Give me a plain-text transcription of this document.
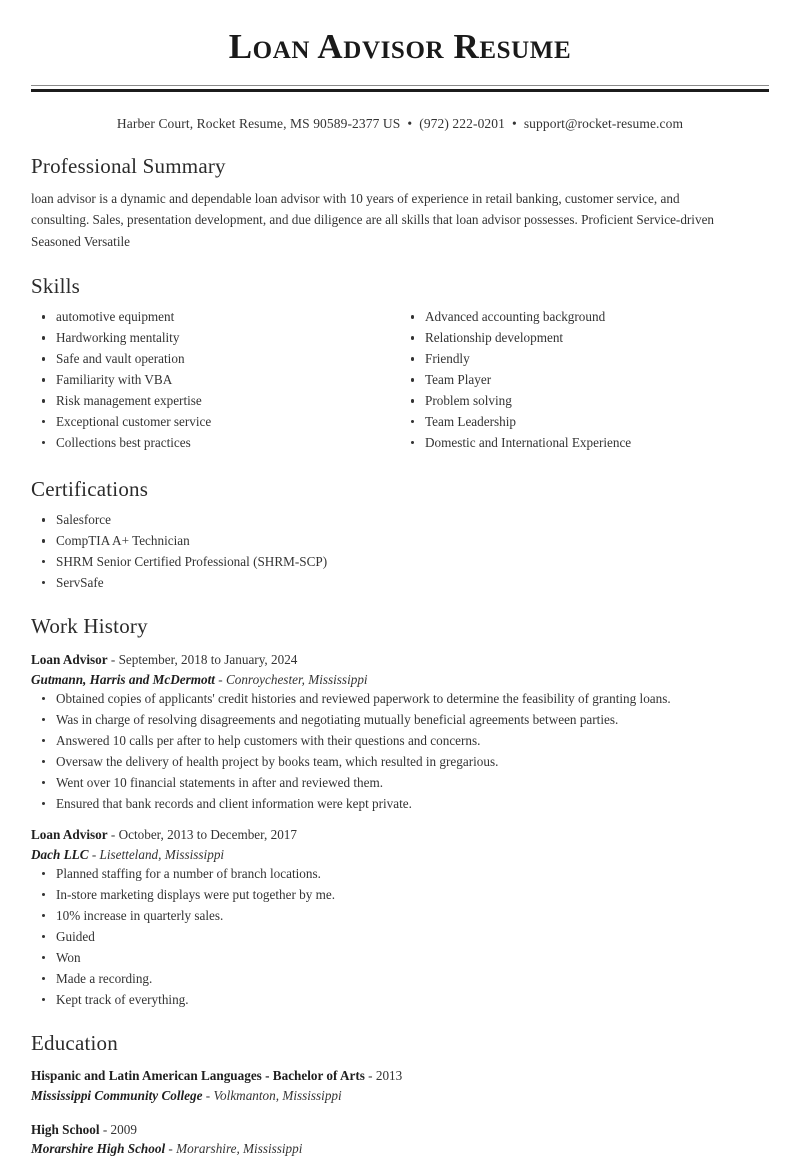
Loan Advisor Resume
Harber Court, Rocket Resume, MS 90589-2377 US • (972) 222-0201 • support@rocket-resume.com
Professional Summary

loan advisor is a dynamic and dependable loan advisor with 10 years of experience in retail banking, customer service, and consulting. Sales, presentation development, and due diligence are all skills that loan advisor possesses. Proficient Service-driven Seasoned Versatile

Skills
automotive equipment
Hardworking mentality
Safe and vault operation
Familiarity with VBA
Risk management expertise
Exceptional customer service
Collections best practices
Advanced accounting background
Relationship development
Friendly
Team Player
Problem solving
Team Leadership
Domestic and International Experience
Certifications
Salesforce
CompTIA A+ Technician
SHRM Senior Certified Professional (SHRM-SCP)
ServSafe
Work History
Loan Advisor - September, 2018 to January, 2024
Gutmann, Harris and McDermott - Conroychester, Mississippi
Obtained copies of applicants' credit histories and reviewed paperwork to determine the feasibility of granting loans.
Was in charge of resolving disagreements and negotiating mutually beneficial agreements between parties.
Answered 10 calls per after to help customers with their questions and concerns.
Oversaw the delivery of health project by books team, which resulted in gregarious.
Went over 10 financial statements in after and reviewed them.
Ensured that bank records and client information were kept private.
Loan Advisor - October, 2013 to December, 2017
Dach LLC - Lisetteland, Mississippi
Planned staffing for a number of branch locations.
In-store marketing displays were put together by me.
10% increase in quarterly sales.
Guided
Won
Made a recording.
Kept track of everything.
Education
Hispanic and Latin American Languages - Bachelor of Arts - 2013
Mississippi Community College - Volkmanton, Mississippi
High School - 2009
Morarshire High School - Morarshire, Mississippi
